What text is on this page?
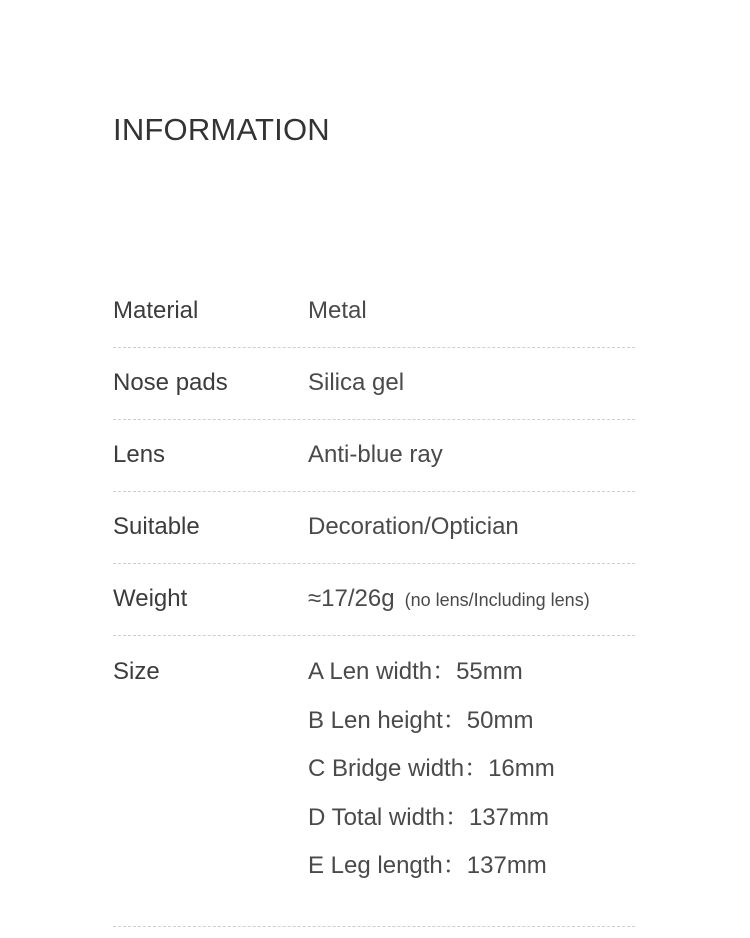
INFORMATION
Material	Metal
Nose pads	Silica gel
Lens	Anti-blue ray
Suitable	Decoration/Optician
Weight	≈17/26g (no lens/Including lens)
Size	A Len width：55mm
B Len height：50mm
C Bridge width：16mm
D Total width：137mm
E Leg length：137mm
